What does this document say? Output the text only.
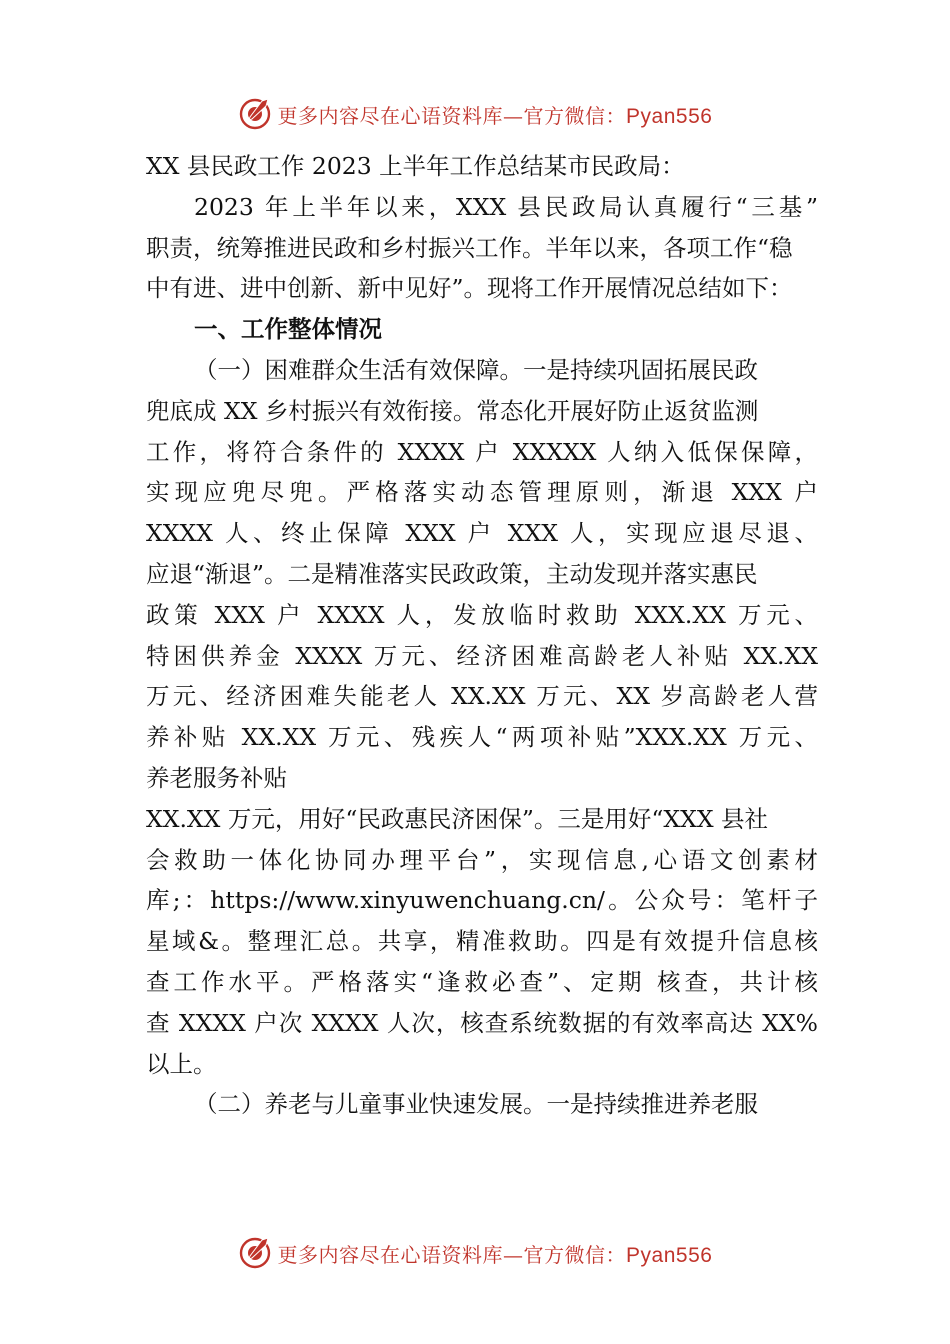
更多内容尽在心语资料库—官方微信：Pyan556
XX 县民政工作 2023 上半年工作总结某市民政局：
2023 年上半年以来，XXX 县民政局认真履行“三基”
职责，统筹推进民政和乡村振兴工作。半年以来，各项工作“稳
中有进、进中创新、新中见好”。现将工作开展情况总结如下：
一、工作整体情况
（一）困难群众生活有效保障。一是持续巩固拓展民政
兜底成 XX 乡村振兴有效衔接。常态化开展好防止返贫监测
工作，将符合条件的 XXXX 户 XXXXX 人纳入低保保障，
实现应兜尽兜。严格落实动态管理原则，渐退 XXX 户
XXXX 人、终止保障 XXX 户 XXX 人，实现应退尽退、
应退“渐退”。二是精准落实民政政策，主动发现并落实惠民
政策 XXX 户 XXXX 人，发放临时救助 XXX.XX 万元、
特困供养金 XXXX 万元、经济困难高龄老人补贴 XX.XX
万元、经济困难失能老人 XX.XX 万元、XX 岁高龄老人营
养补贴 XX.XX 万元、残疾人“两项补贴”XXX.XX 万元、
养老服务补贴
XX.XX 万元，用好“民政惠民济困保”。三是用好“XXX 县社
会救助一体化协同办理平台”，实现信息,心语文创素材
库;：https://www.xinyuwenchuang.cn/。公众号：笔杆子
星域&。整理汇总。共享，精准救助。四是有效提升信息核
查工作水平。严格落实“逢救必查”、定期 核查，共计核
查 XXXX 户次 XXXX 人次，核查系统数据的有效率高达 XX%
以上。
（二）养老与儿童事业快速发展。一是持续推进养老服
更多内容尽在心语资料库—官方微信：Pyan556
